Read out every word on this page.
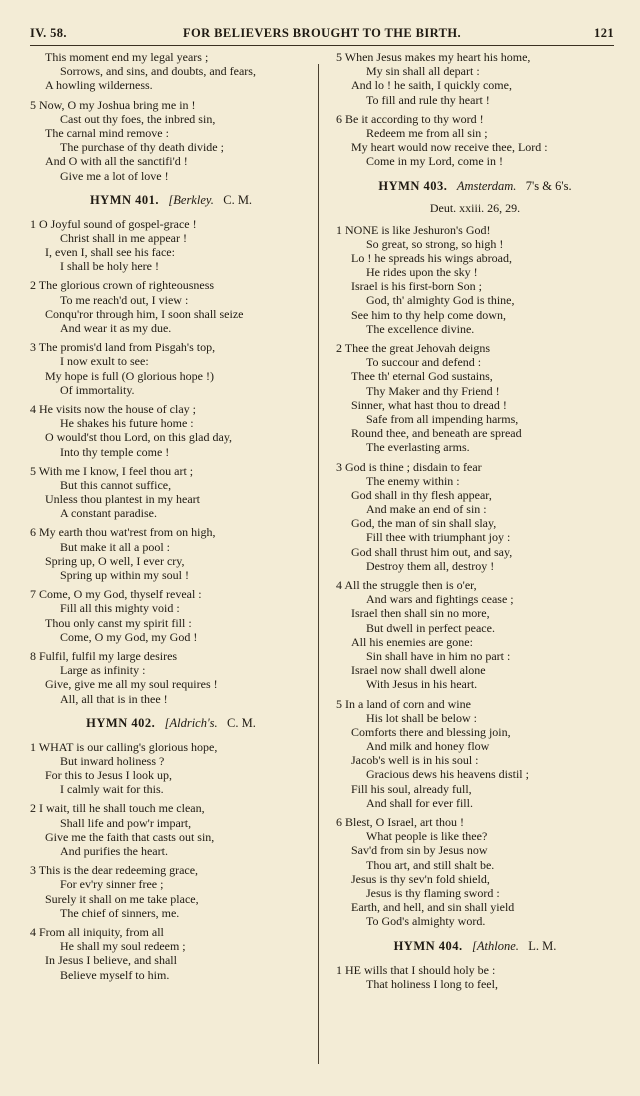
IV. 58.	FOR BELIEVERS BROUGHT TO THE BIRTH.	121
This moment end my legal years ;
Sorrows, and sins, and doubts, and fears,
A howling wilderness.
5 Now, O my Joshua bring me in !
Cast out thy foes, the inbred sin,
The carnal mind remove :
The purchase of thy death divide ;
And O with all the sanctifi'd !
Give me a lot of love !
HYMN 401. [Berkley. C. M.
1 O Joyful sound of gospel-grace !
Christ shall in me appear !
I, even I, shall see his face:
I shall be holy here !
2 The glorious crown of righteousness
To me reach'd out, I view :
Conqu'ror through him, I soon shall seize
And wear it as my due.
3 The promis'd land from Pisgah's top,
I now exult to see:
My hope is full (O glorious hope !)
Of immortality.
4 He visits now the house of clay ;
He shakes his future home :
O would'st thou Lord, on this glad day,
Into thy temple come !
5 With me I know, I feel thou art ;
But this cannot suffice,
Unless thou plantest in my heart
A constant paradise.
6 My earth thou wat'rest from on high,
But make it all a pool :
Spring up, O well, I ever cry,
Spring up within my soul !
7 Come, O my God, thyself reveal :
Fill all this mighty void :
Thou only canst my spirit fill :
Come, O my God, my God !
8 Fulfil, fulfil my large desires
Large as infinity :
Give, give me all my soul requires !
All, all that is in thee !
HYMN 402. [Aldrich's. C. M.
1 WHAT is our calling's glorious hope,
But inward holiness ?
For this to Jesus I look up,
I calmly wait for this.
2 I wait, till he shall touch me clean,
Shall life and pow'r impart,
Give me the faith that casts out sin,
And purifies the heart.
3 This is the dear redeeming grace,
For ev'ry sinner free ;
Surely it shall on me take place,
The chief of sinners, me.
4 From all iniquity, from all
He shall my soul redeem ;
In Jesus I believe, and shall
Believe myself to him.
5 When Jesus makes my heart his home,
My sin shall all depart :
And lo ! he saith, I quickly come,
To fill and rule thy heart !
6 Be it according to thy word !
Redeem me from all sin ;
My heart would now receive thee, Lord :
Come in my Lord, come in !
HYMN 403. Amsterdam. 7's & 6's.
Deut. xxiii. 26, 29.
1 NONE is like Jeshuron's God!
So great, so strong, so high !
Lo ! he spreads his wings abroad,
He rides upon the sky !
Israel is his first-born Son ;
God, th' almighty God is thine,
See him to thy help come down,
The excellence divine.
2 Thee the great Jehovah deigns
To succour and defend :
Thee th' eternal God sustains,
Thy Maker and thy Friend !
Sinner, what hast thou to dread !
Safe from all impending harms,
Round thee, and beneath are spread
The everlasting arms.
3 God is thine ; disdain to fear
The enemy within :
God shall in thy flesh appear,
And make an end of sin :
God, the man of sin shall slay,
Fill thee with triumphant joy :
God shall thrust him out, and say,
Destroy them all, destroy !
4 All the struggle then is o'er,
And wars and fightings cease ;
Israel then shall sin no more,
But dwell in perfect peace.
All his enemies are gone:
Sin shall have in him no part :
Israel now shall dwell alone
With Jesus in his heart.
5 In a land of corn and wine
His lot shall be below :
Comforts there and blessing join,
And milk and honey flow
Jacob's well is in his soul :
Gracious dews his heavens distil ;
Fill his soul, already full,
And shall for ever fill.
6 Blest, O Israel, art thou !
What people is like thee?
Sav'd from sin by Jesus now
Thou art, and still shalt be.
Jesus is thy sev'n fold shield,
Jesus is thy flaming sword :
Earth, and hell, and sin shall yield
To God's almighty word.
HYMN 404. [Athlone. L. M.
1 HE wills that I should holy be :
That holiness I long to feel,
